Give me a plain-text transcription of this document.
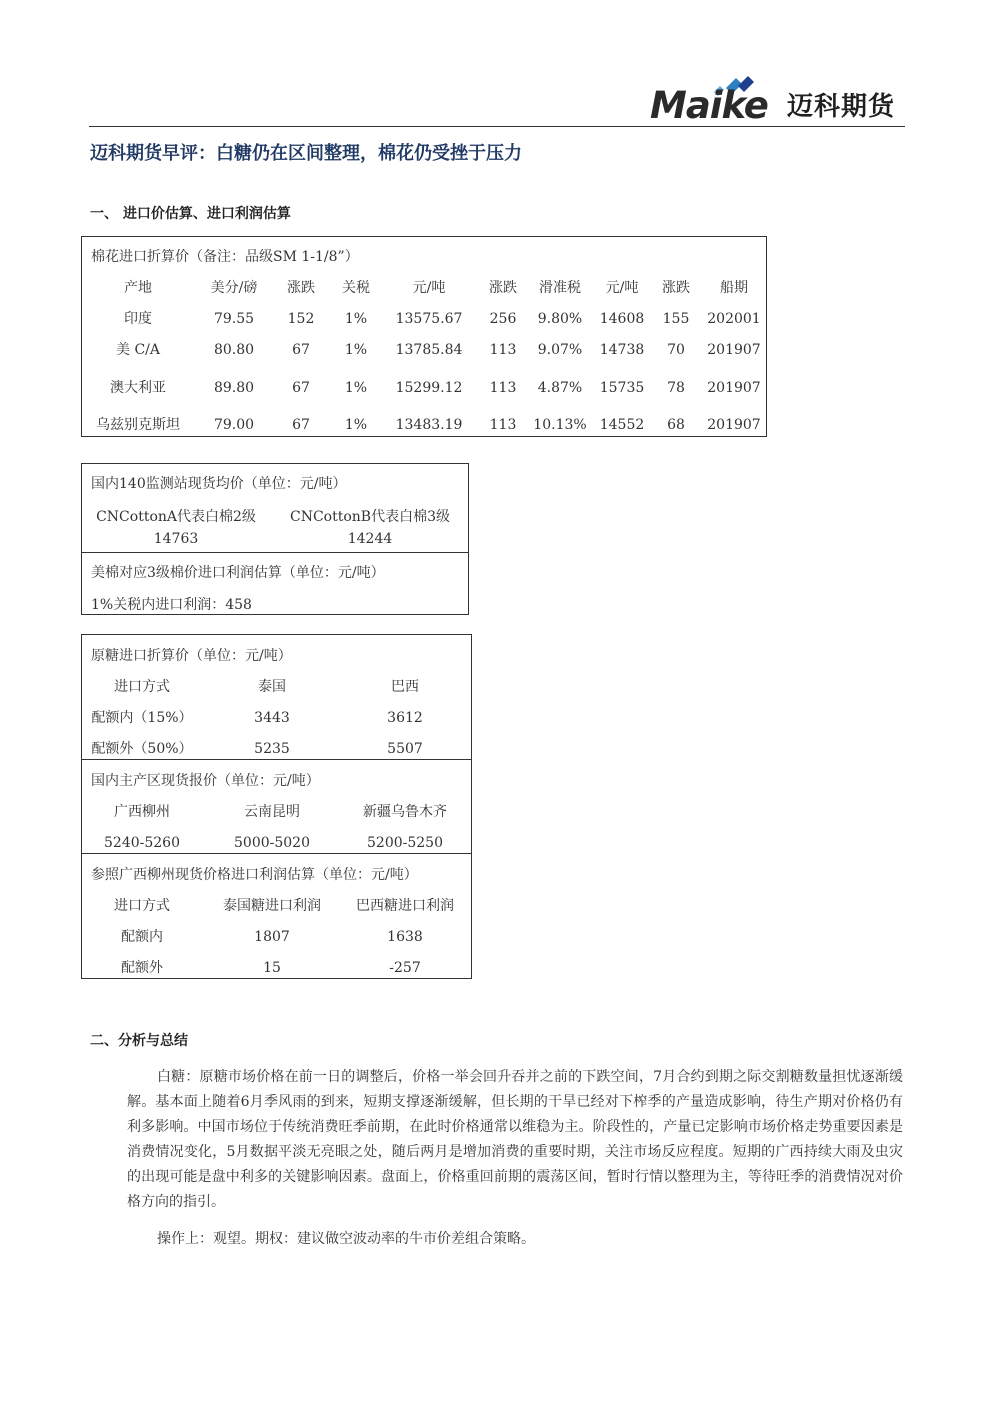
Maike 迈科期货
迈科期货早评：白糖仍在区间整理，棉花仍受挫于压力
一、 进口价估算、进口利润估算
棉花进口折算价（备注：品级SM 1-1/8”）
产地	美分/磅 涨跌 关税	元/吨	涨跌 滑准税 元/吨 涨跌 船期
印度	79.55 152 1% 13575.67 256 9.80% 14608 155 202001
美 C/A	80.80	67 1% 13785.84 113 9.07% 14738 70 201907
澳大利亚	89.80	67 1% 15299.12 113 4.87% 15735 78 201907
乌兹别克斯坦 79.00	67 1% 13483.19 113 10.13% 14552 68 201907
国内140监测站现货均价（单位：元/吨）
CNCottonA代表白棉2级 CNCottonB代表白棉3级
14763	14244
美棉对应3级棉价进口利润估算（单位：元/吨）
1%关税内进口利润：458
原糖进口折算价（单位：元/吨）
进口方式	泰国	巴西
配额内（15%）	3443	3612
配额外（50%）	5235	5507
国内主产区现货报价（单位：元/吨）
广西柳州	云南昆明	新疆乌鲁木齐
5240-5260	5000-5020	5200-5250
参照广西柳州现货价格进口利润估算（单位：元/吨）
进口方式	泰国糖进口利润	巴西糖进口利润
配额内	1807	1638
配额外	15	-257
二、分析与总结
白糖：原糖市场价格在前一日的调整后，价格一举会回升吞并之前的下跌空间，7月合约到期之际交割糖数量担忧逐渐缓解。基本面上随着6月季风雨的到来，短期支撑逐渐缓解，但长期的干旱已经对下榨季的产量造成影响，待生产期对价格仍有利多影响。中国市场位于传统消费旺季前期，在此时价格通常以维稳为主。阶段性的，产量已定影响市场价格走势重要因素是消费情况变化，5月数据平淡无亮眼之处，随后两月是增加消费的重要时期，关注市场反应程度。短期的广西持续大雨及虫灾的出现可能是盘中利多的关键影响因素。盘面上，价格重回前期的震荡区间，暂时行情以整理为主，等待旺季的消费情况对价格方向的指引。
操作上：观望。期权：建议做空波动率的牛市价差组合策略。
